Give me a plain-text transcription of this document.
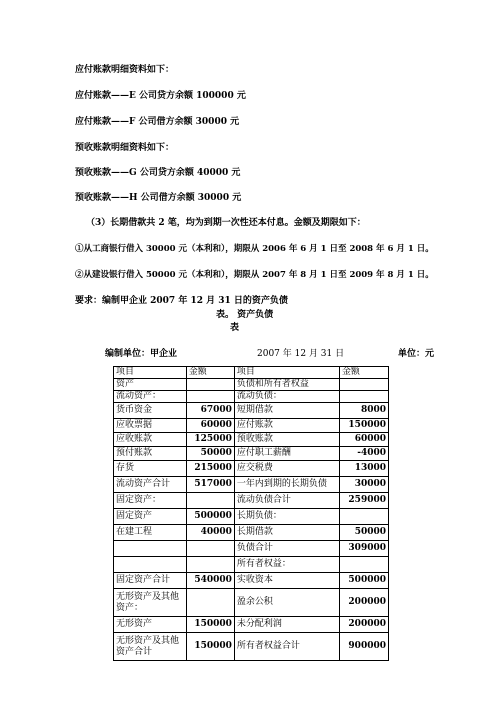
应付账款明细资料如下：
应付账款——E 公司贷方余额 100000 元
应付账款——F 公司借方余额 30000 元
预收账款明细资料如下：
预收账款——G 公司贷方余额 40000 元
预收账款——H 公司借方余额 30000 元
（3）长期借款共 2 笔，均为到期一次性还本付息。金额及期限如下：
①从工商银行借入 30000 元（本利和），期限从 2006 年 6 月 1 日至 2008 年 6 月 1 日。
②从建设银行借入 50000 元（本利和），期限从 2007 年 8 月 1 日至 2009 年 8 月 1 日。
要求：编制甲企业 2007 年 12 月 31 日的资产负债
表。 资产负债
表
编制单位：甲企业	2007 年 12 月 31 日	单位：元
项目	金额	项目	金额
资产		负债和所有者权益	
流动资产：		流动负债：	
货币资金	67000	短期借款	8000
应收票据	60000	应付账款	150000
应收账款	125000	预收账款	60000
预付账款	50000	应付职工薪酬	-4000
存货	215000	应交税费	13000
流动资产合计	517000	一年内到期的长期负债	30000
固定资产：		流动负债合计	259000
固定资产	500000	长期负债：	
在建工程	40000	长期借款	50000
		负债合计	309000
		所有者权益：	
固定资产合计	540000	实收资本	500000
无形资产及其他资产：		盈余公积	200000
无形资产	150000	未分配利润	200000
无形资产及其他资产合计	150000	所有者权益合计	900000
